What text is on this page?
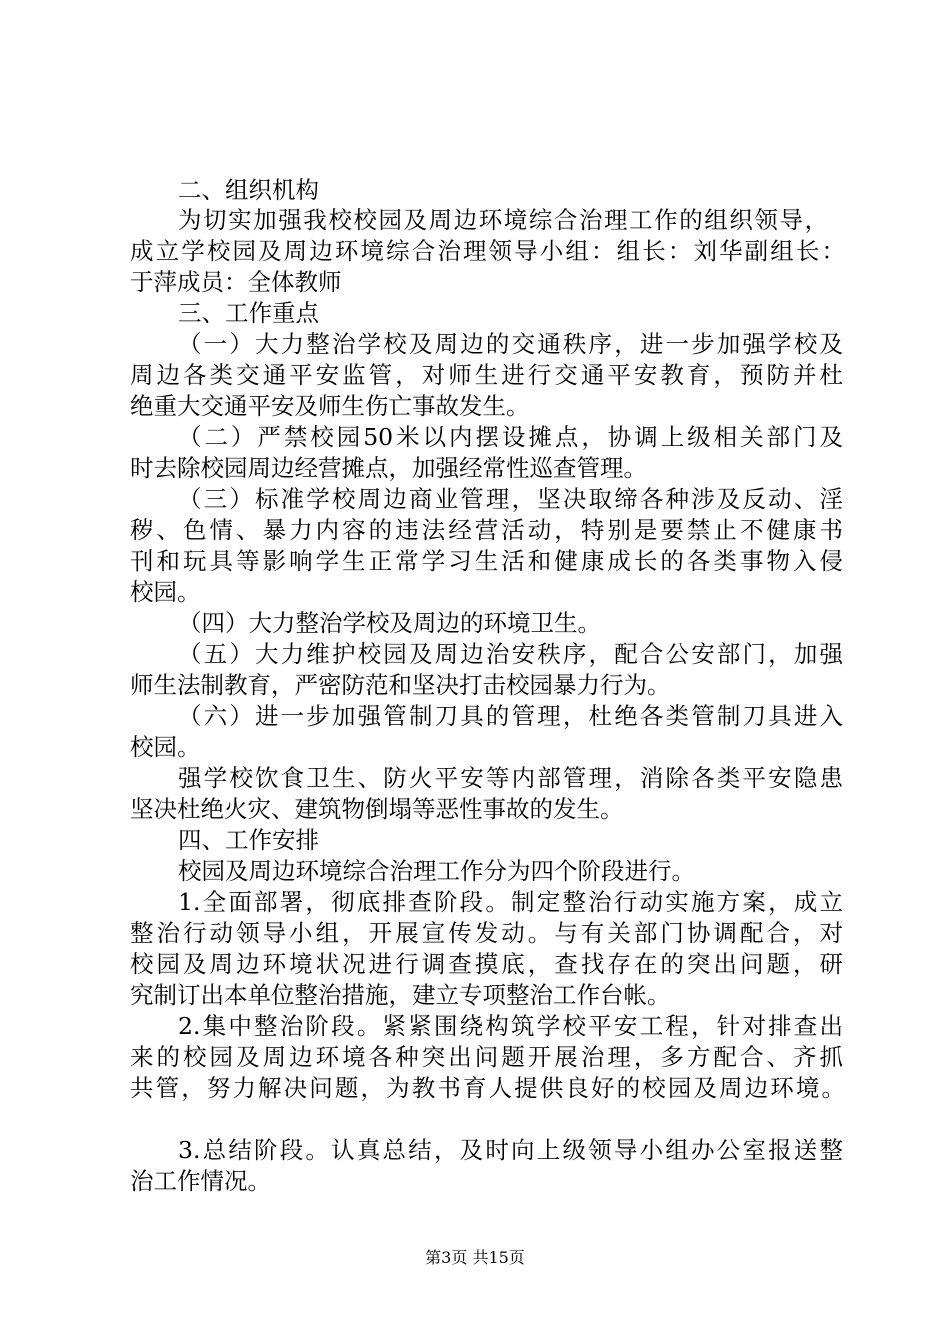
二、组织机构
为切实加强我校校园及周边环境综合治理工作的组织领导，
成立学校园及周边环境综合治理领导小组：组长：刘华副组长：
于萍成员：全体教师
三、工作重点
（一）大力整治学校及周边的交通秩序，进一步加强学校及
周边各类交通平安监管，对师生进行交通平安教育，预防并杜
绝重大交通平安及师生伤亡事故发生。
（二）严禁校园50米以内摆设摊点，协调上级相关部门及
时去除校园周边经营摊点，加强经常性巡查管理。
（三）标准学校周边商业管理，坚决取缔各种涉及反动、淫
秽、色情、暴力内容的违法经营活动，特别是要禁止不健康书
刊和玩具等影响学生正常学习生活和健康成长的各类事物入侵
校园。
（四）大力整治学校及周边的环境卫生。
（五）大力维护校园及周边治安秩序，配合公安部门，加强
师生法制教育，严密防范和坚决打击校园暴力行为。
（六）进一步加强管制刀具的管理，杜绝各类管制刀具进入
校园。
强学校饮食卫生、防火平安等内部管理，消除各类平安隐患
坚决杜绝火灾、建筑物倒塌等恶性事故的发生。
四、工作安排
校园及周边环境综合治理工作分为四个阶段进行。
1.全面部署，彻底排查阶段。制定整治行动实施方案，成立
整治行动领导小组，开展宣传发动。与有关部门协调配合，对
校园及周边环境状况进行调查摸底，查找存在的突出问题，研
究制订出本单位整治措施，建立专项整治工作台帐。
2.集中整治阶段。紧紧围绕构筑学校平安工程，针对排查出
来的校园及周边环境各种突出问题开展治理，多方配合、齐抓
共管，努力解决问题，为教书育人提供良好的校园及周边环境。
3.总结阶段。认真总结，及时向上级领导小组办公室报送整
治工作情况。
第3页 共15页
